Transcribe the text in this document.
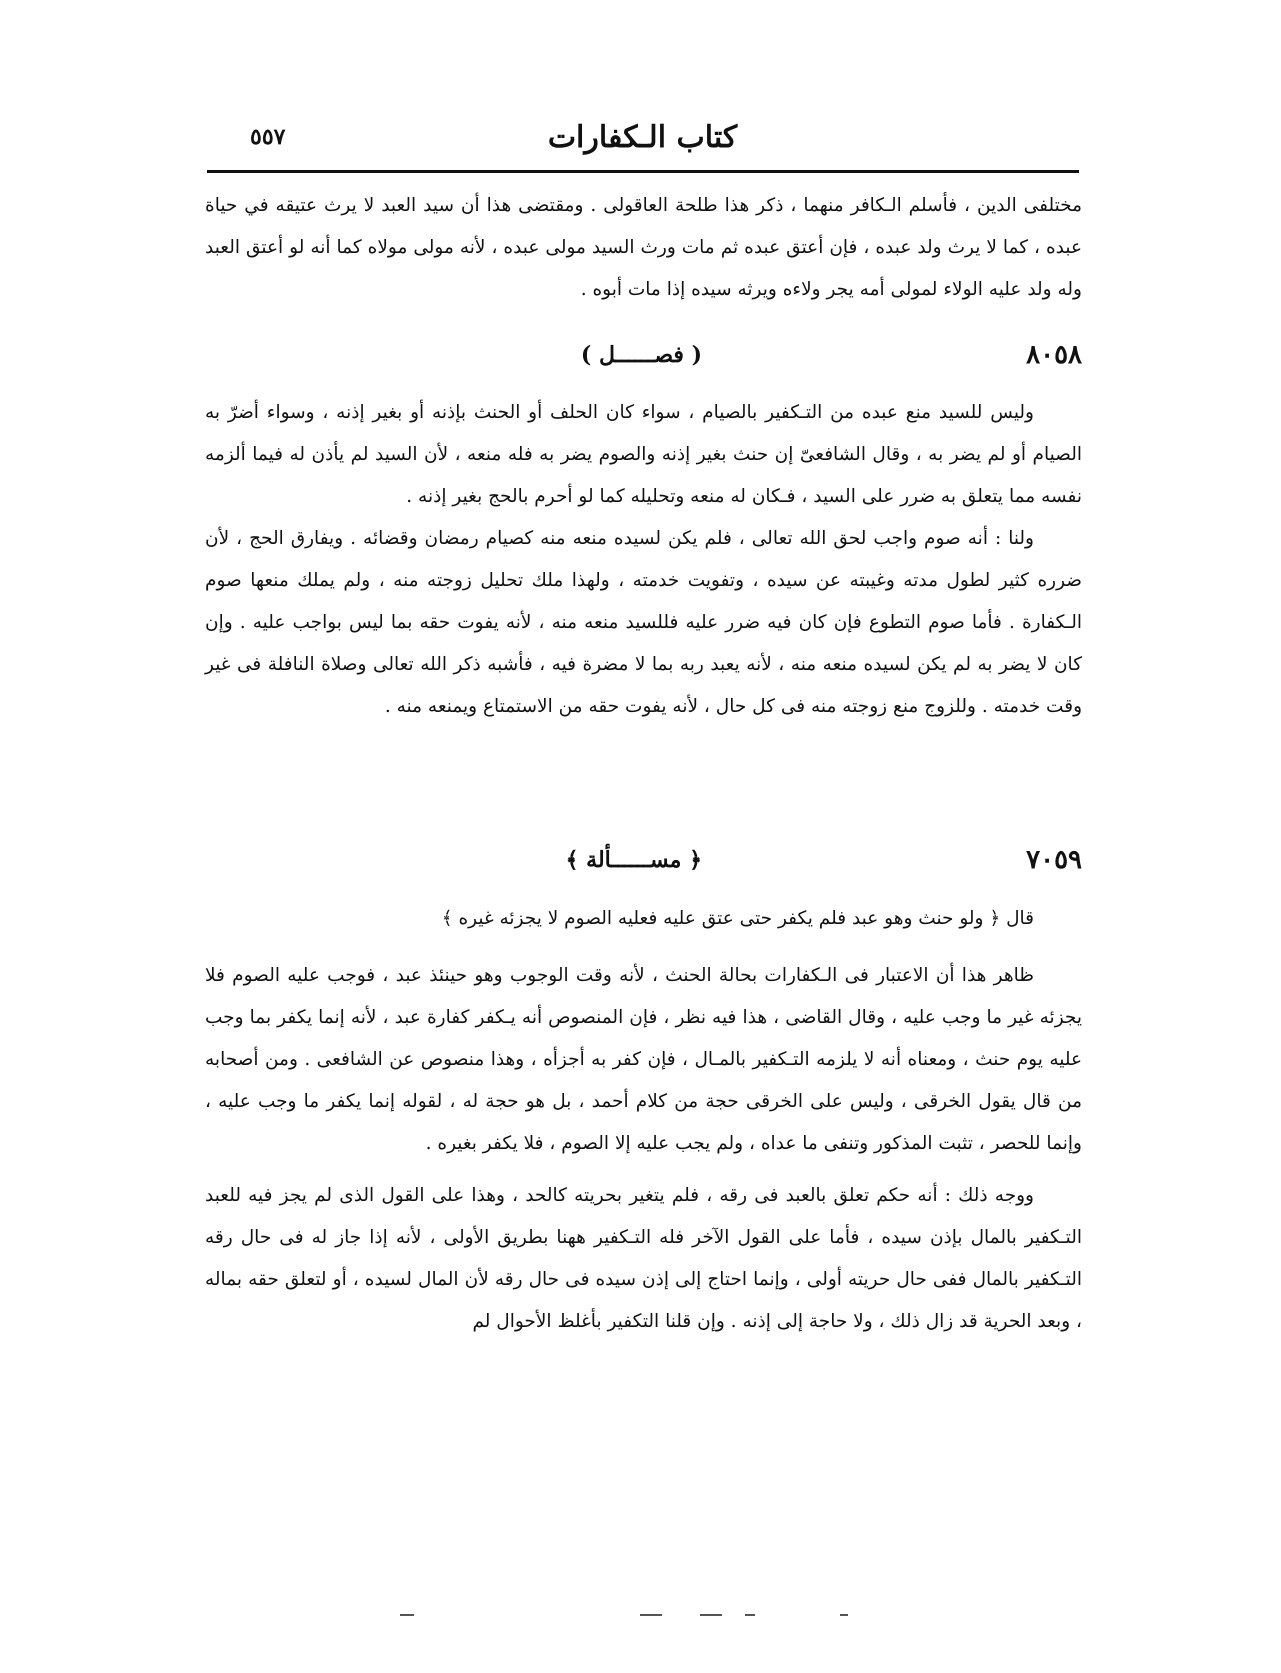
كتاب الـكفارات
٥٥٧

مختلفى الدين ، فأسلم الـكافر منهما ، ذكر هذا طلحة العاقولى . ومقتضى هذا أن سيد العبد لا يرث عتيقه في حياة عبده ، كما لا يرث ولد عبده ، فإن أعتق عبده ثم مات ورث السيد مولى عبده ، لأنه مولى مولاه كما أنه لو أعتق العبد وله ولد عليه الولاء لمولى أمه يجر ولاءه ويرثه سيده إذا مات أبوه .

٨٠٥٨
( فصــــــل )

وليس للسيد منع عبده من التـكفير بالصيام ، سواء كان الحلف أو الحنث بإذنه أو بغير إذنه ، وسواء أضرّ به الصيام أو لم يضر به ، وقال الشافعىّ إن حنث بغير إذنه والصوم يضر به فله منعه ، لأن السيد لم يأذن له فيما ألزمه نفسه مما يتعلق به ضرر على السيد ، فـكان له منعه وتحليله كما لو أحرم بالحج بغير إذنه .

ولنا : أنه صوم واجب لحق الله تعالى ، فلم يكن لسيده منعه منه كصيام رمضان وقضائه . ويفارق الحج ، لأن ضرره كثير لطول مدته وغيبته عن سيده ، وتفويت خدمته ، ولهذا ملك تحليل زوجته منه ، ولم يملك منعها صوم الـكفارة . فأما صوم التطوع فإن كان فيه ضرر عليه فللسيد منعه منه ، لأنه يفوت حقه بما ليس بواجب عليه . وإن كان لا يضر به لم يكن لسيده منعه منه ، لأنه يعبد ربه بما لا مضرة فيه ، فأشبه ذكر الله تعالى وصلاة النافلة فى غير وقت خدمته . وللزوج منع زوجته منه فى كل حال ، لأنه يفوت حقه من الاستمتاع ويمنعه منه .

٧٠٥٩
﴿ مســــــألة ﴾

قال ﴿ ولو حنث وهو عبد فلم يكفر حتى عتق عليه فعليه الصوم لا يجزئه غيره ﴾

ظاهر هذا أن الاعتبار فى الـكفارات بحالة الحنث ، لأنه وقت الوجوب وهو حينئذ عبد ، فوجب عليه الصوم فلا يجزئه غير ما وجب عليه ، وقال القاضى ، هذا فيه نظر ، فإن المنصوص أنه يـكفر كفارة عبد ، لأنه إنما يكفر بما وجب عليه يوم حنث ، ومعناه أنه لا يلزمه التـكفير بالمـال ، فإن كفر به أجزأه ، وهذا منصوص عن الشافعى . ومن أصحابه من قال يقول الخرقى ، وليس على الخرقى حجة من كلام أحمد ، بل هو حجة له ، لقوله إنما يكفر ما وجب عليه ، وإنما للحصر ، تثبت المذكور وتنفى ما عداه ، ولم يجب عليه إلا الصوم ، فلا يكفر بغيره .

ووجه ذلك : أنه حكم تعلق بالعبد فى رقه ، فلم يتغير بحريته كالحد ، وهذا على القول الذى لم يجز فيه للعبد التـكفير بالمال بإذن سيده ، فأما على القول الآخر فله التـكفير ههنا بطريق الأولى ، لأنه إذا جاز له فى حال رقه التـكفير بالمال ففى حال حريته أولى ، وإنما احتاج إلى إذن سيده فى حال رقه لأن المال لسيده ، أو لتعلق حقه بماله ، وبعد الحرية قد زال ذلك ، ولا حاجة إلى إذنه . وإن قلنا التكفير بأغلظ الأحوال لم
